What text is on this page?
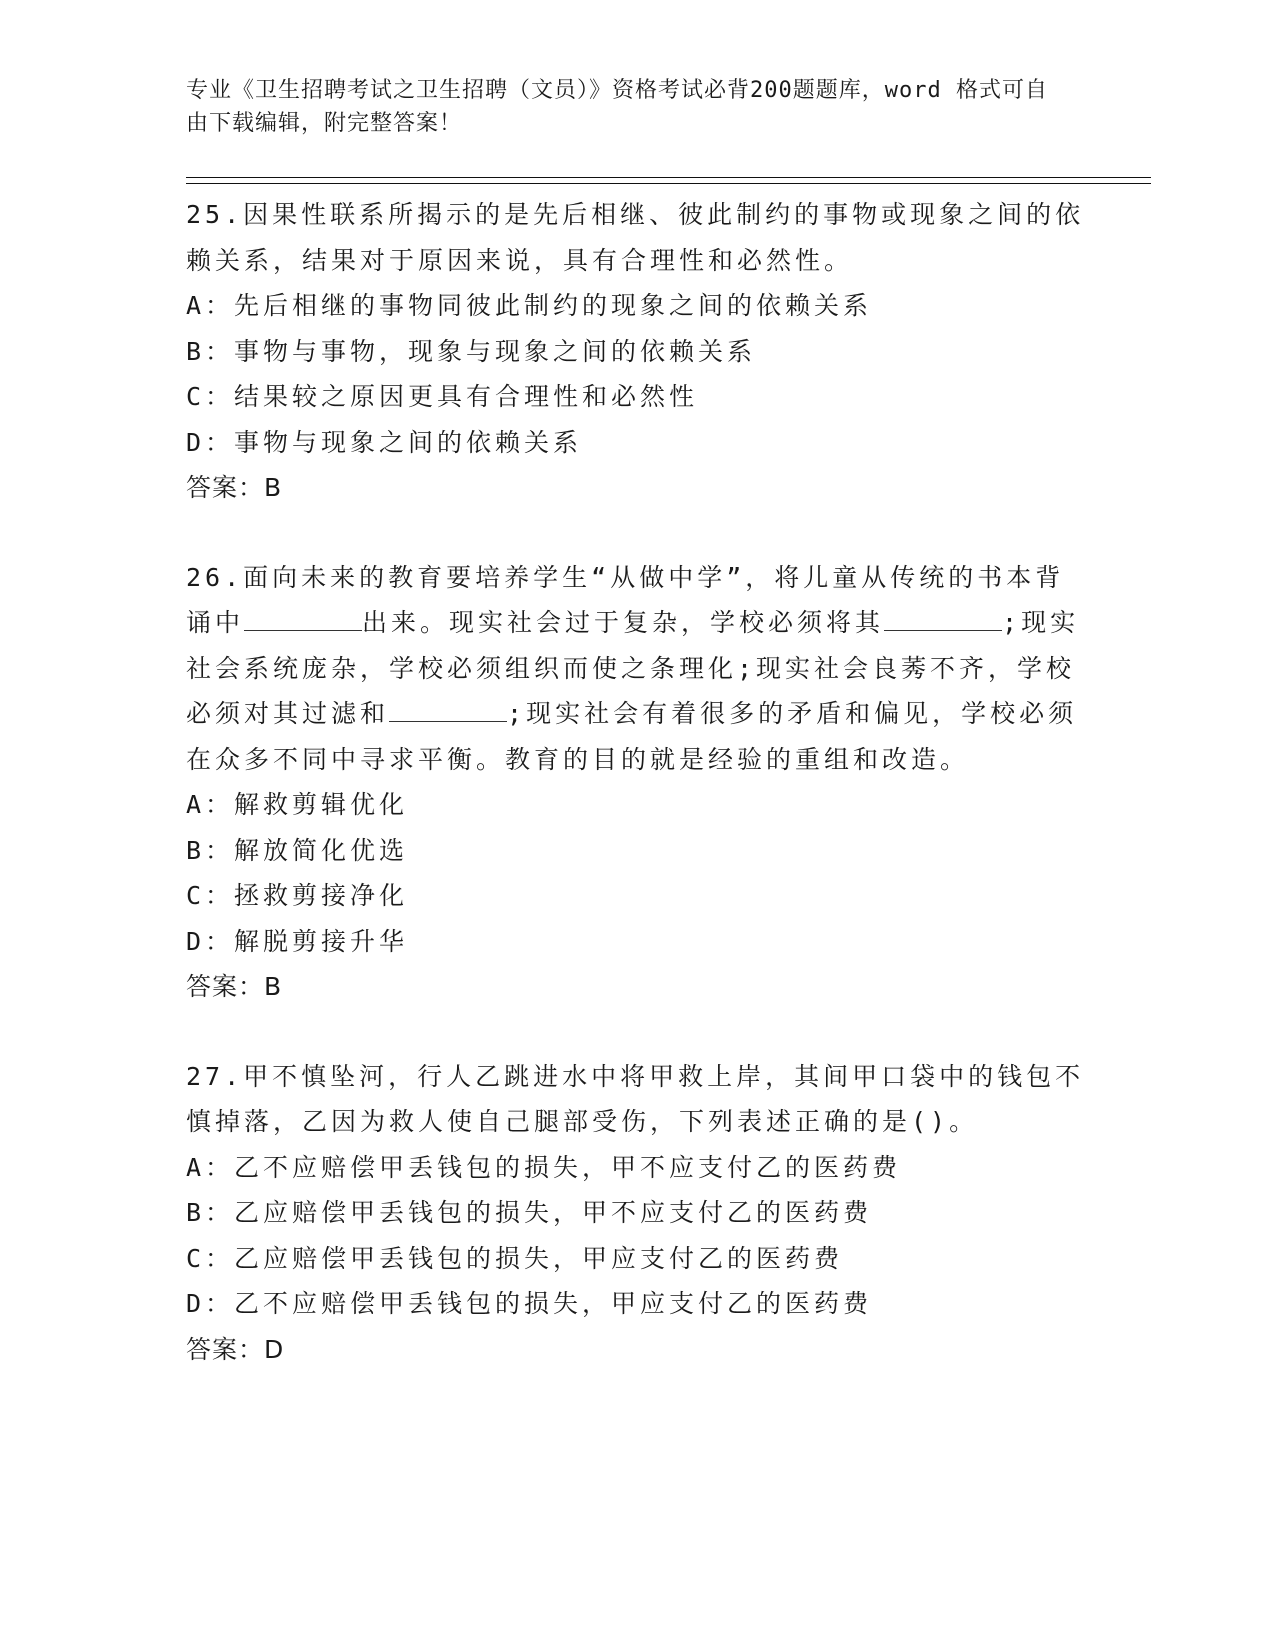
专业《卫生招聘考试之卫生招聘（文员）》资格考试必背200题题库，word 格式可自由下载编辑，附完整答案！

25.因果性联系所揭示的是先后相继、彼此制约的事物或现象之间的依赖关系，结果对于原因来说，具有合理性和必然性。

A：先后相继的事物同彼此制约的现象之间的依赖关系

B：事物与事物，现象与现象之间的依赖关系

C：结果较之原因更具有合理性和必然性

D：事物与现象之间的依赖关系

答案：B

26.面向未来的教育要培养学生“从做中学”，将儿童从传统的书本背诵中	出来。现实社会过于复杂，学校必须将其	;现实社会系统庞杂，学校必须组织而使之条理化;现实社会良莠不齐，学校必须对其过滤和	;现实社会有着很多的矛盾和偏见，学校必须在众多不同中寻求平衡。教育的目的就是经验的重组和改造。

A：解救剪辑优化

B：解放简化优选

C：拯救剪接净化

D：解脱剪接升华

答案：B

27.甲不慎坠河，行人乙跳进水中将甲救上岸，其间甲口袋中的钱包不慎掉落，乙因为救人使自己腿部受伤，下列表述正确的是()。

A：乙不应赔偿甲丢钱包的损失，甲不应支付乙的医药费

B：乙应赔偿甲丢钱包的损失，甲不应支付乙的医药费

C：乙应赔偿甲丢钱包的损失，甲应支付乙的医药费

D：乙不应赔偿甲丢钱包的损失，甲应支付乙的医药费

答案：D
